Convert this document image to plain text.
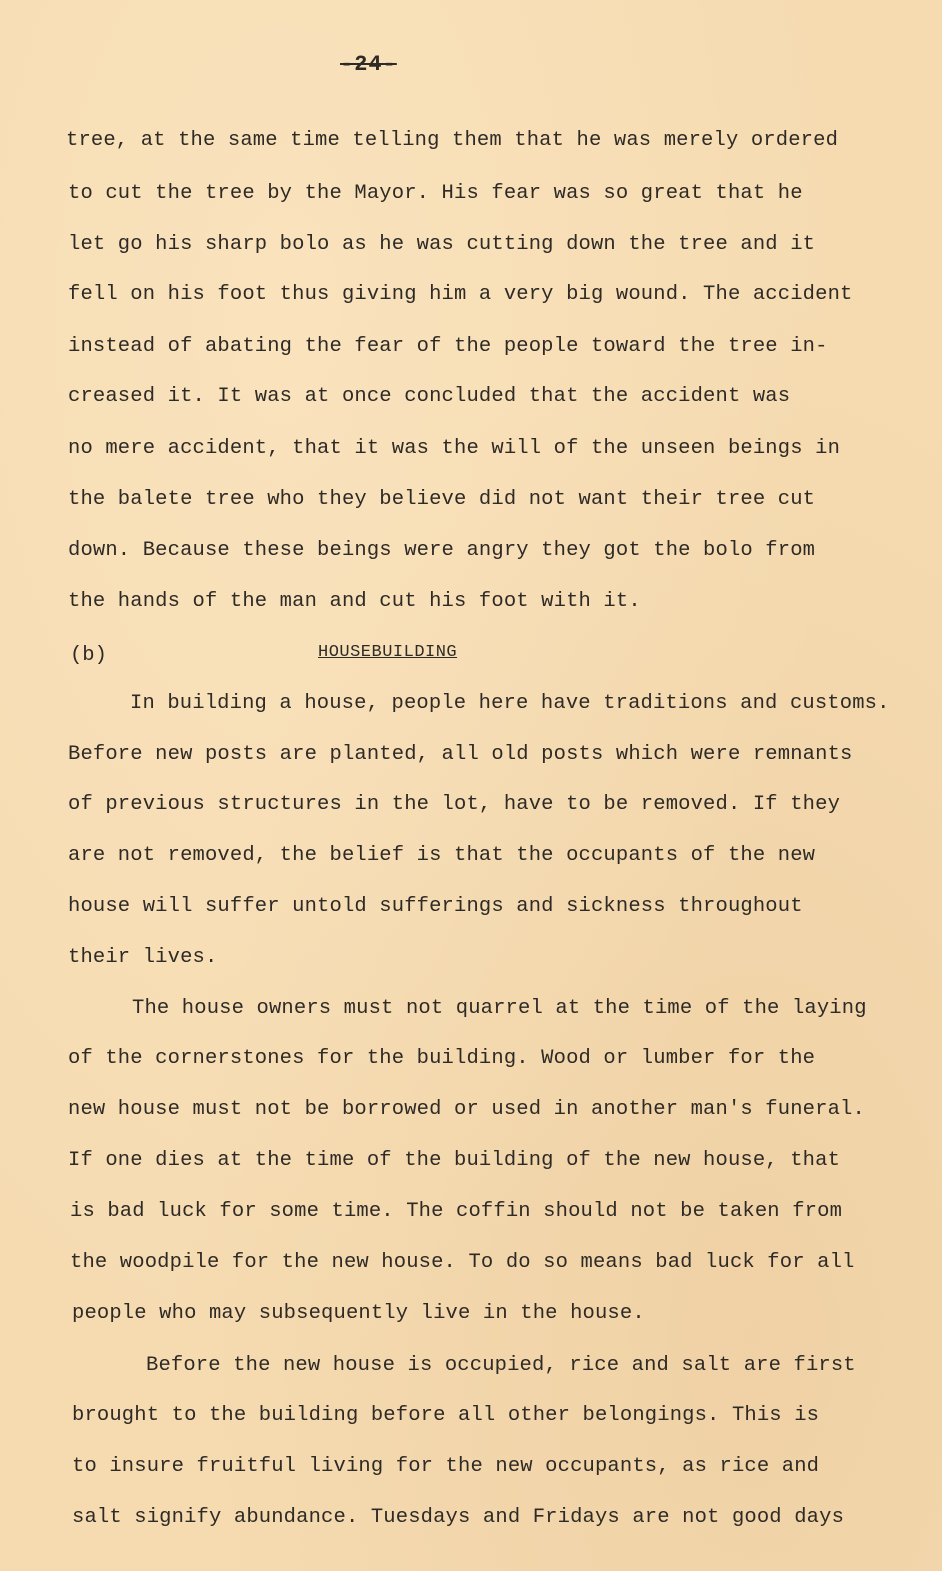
-24-
tree, at the same time telling them that he was merely ordered
to cut the tree by the Mayor. His fear was so great that he
let go his sharp bolo as he was cutting down the tree and it
fell on his foot thus giving him a very big wound. The accident
instead of abating the fear of the people toward the tree in-
creased it. It was at once concluded that the accident was
no mere accident, that it was the will of the unseen beings in
the balete tree who they believe did not want their tree cut
down. Because these beings were angry they got the bolo from
the hands of the man and cut his foot with it.
(b)	HOUSEBUILDING
In building a house, people here have traditions and customs.
Before new posts are planted, all old posts which were remnants
of previous structures in the lot, have to be removed. If they
are not removed, the belief is that the occupants of the new
house will suffer untold sufferings and sickness throughout
their lives.
The house owners must not quarrel at the time of the laying
of the cornerstones for the building. Wood or lumber for the
new house must not be borrowed or used in another man's funeral.
If one dies at the time of the building of the new house, that
is bad luck for some time. The coffin should not be taken from
the woodpile for the new house. To do so means bad luck for all
people who may subsequently live in the house.
Before the new house is occupied, rice and salt are first
brought to the building before all other belongings. This is
to insure fruitful living for the new occupants, as rice and
salt signify abundance. Tuesdays and Fridays are not good days
